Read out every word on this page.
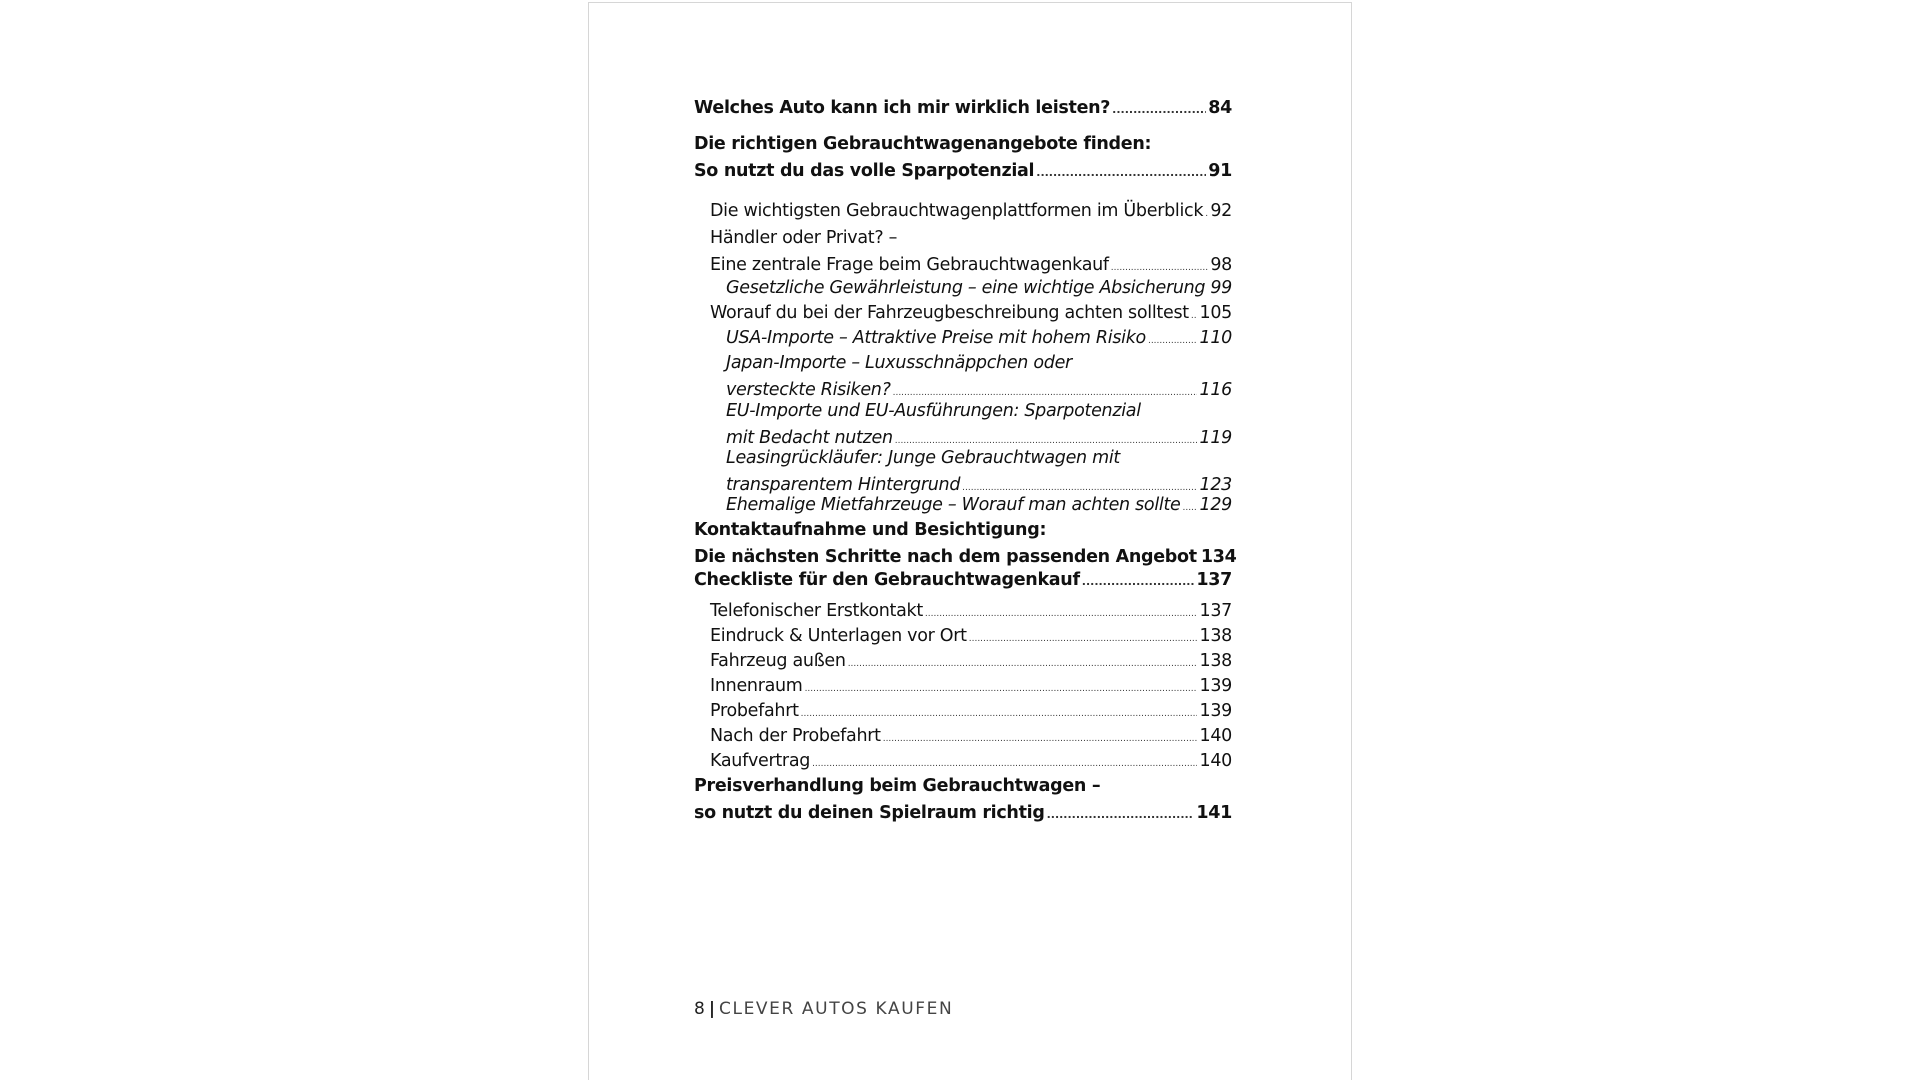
Welches Auto kann ich mir wirklich leisten? .....	84
Die richtigen Gebrauchtwagenangebote finden:
So nutzt du das volle Sparpotenzial .....	91
Die wichtigsten Gebrauchtwagenplattformen im Überblick ..... 92
Händler oder Privat? –
Eine zentrale Frage beim Gebrauchtwagenkauf .....	98
Gesetzliche Gewährleistung – eine wichtige Absicherung ..... 99
Worauf du bei der Fahrzeugbeschreibung achten solltest ..... 105
USA-Importe – Attraktive Preise mit hohem Risiko .....	110
Japan-Importe – Luxusschnäppchen oder
versteckte Risiken? .....	116
EU-Importe und EU-Ausführungen: Sparpotenzial
mit Bedacht nutzen .....	119
Leasingrückläufer: Junge Gebrauchtwagen mit
transparentem Hintergrund .....	123
Ehemalige Mietfahrzeuge – Worauf man achten sollte ..... 129
Kontaktaufnahme und Besichtigung:
Die nächsten Schritte nach dem passenden Angebot 134
Checkliste für den Gebrauchtwagenkauf .....	137
Telefonischer Erstkontakt .....	137
Eindruck & Unterlagen vor Ort .....	138
Fahrzeug außen .....	138
Innenraum .....	139
Probefahrt .....	139
Nach der Probefahrt .....	140
Kaufvertrag .....	140
Preisverhandlung beim Gebrauchtwagen –
so nutzt du deinen Spielraum richtig .....	141
8 | CLEVER AUTOS KAUFEN
